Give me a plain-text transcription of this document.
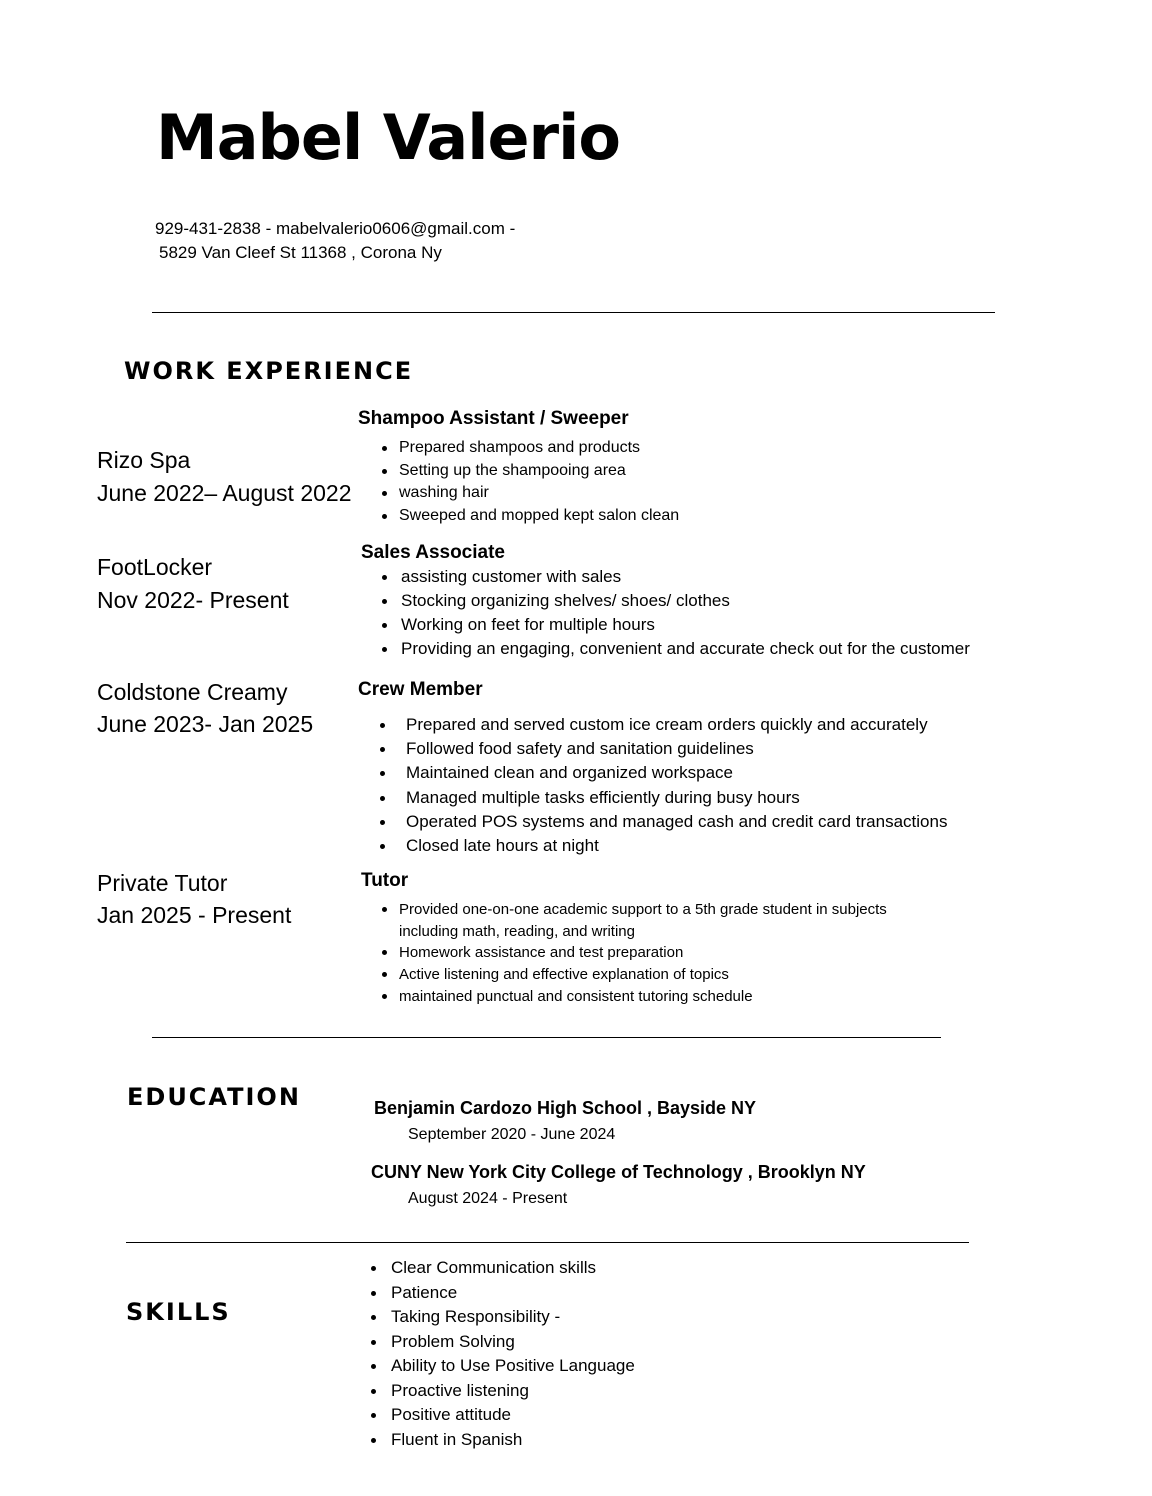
Mabel Valerio
929-431-2838 - mabelvalerio0606@gmail.com -
5829 Van Cleef St 11368 , Corona Ny
WORK EXPERIENCE
Rizo Spa
June 2022– August 2022
Shampoo Assistant / Sweeper
Prepared shampoos and products
Setting up the shampooing area
washing hair
Sweeped and mopped kept salon clean
FootLocker
Nov 2022- Present
Sales Associate
assisting customer with sales
Stocking organizing shelves/ shoes/ clothes
Working on feet for multiple hours
Providing an engaging, convenient and accurate check out for the customer
Coldstone Creamy
June 2023- Jan 2025
Crew Member
Prepared and served custom ice cream orders quickly and accurately
Followed food safety and sanitation guidelines
Maintained clean and organized workspace
Managed multiple tasks efficiently during busy hours
Operated POS systems and managed cash and credit card transactions
Closed late hours at night
Private Tutor
Jan 2025 - Present
Tutor
Provided one-on-one academic support to a 5th grade student in subjects including math, reading, and writing
Homework assistance and test preparation
Active listening and effective explanation of topics
maintained punctual and consistent tutoring schedule
EDUCATION	Benjamin Cardozo High School , Bayside NY
September 2020 - June 2024
CUNY New York City College of Technology , Brooklyn NY
August 2024 - Present
SKILLS
Clear Communication skills
Patience
Taking Responsibility -
Problem Solving
Ability to Use Positive Language
Proactive listening
Positive attitude
Fluent in Spanish
